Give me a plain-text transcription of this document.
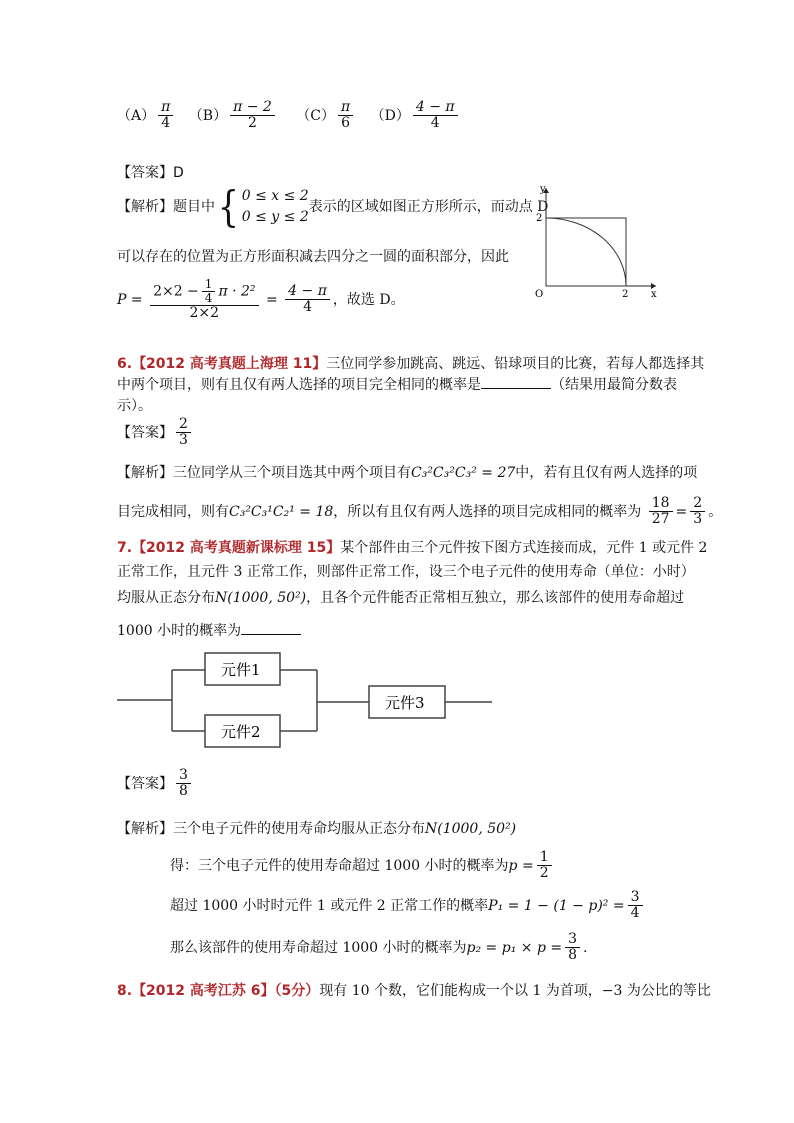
$(A) \frac{\pi}{4} (B) \frac{\pi - 2}{2} (C) \frac{\pi}{6} (D) \frac{4 - \pi}{4}$
【答案】D
【解析】题目中{ 0 ≤ x ≤ 2
0 ≤ y ≤ 2
表示的区域如图正方形所示，而动点 D
可以存在的位置为正方形面积减去四分之一圆的面积部分，因此
$P = \frac{2\times 2 - \frac{1}{4} \pi \cdot 2^2}{2\times 2} = \frac{4 - \pi}{4}$ ，故选 D。
y
x
O
2
2
6.【2012 高考真题上海理 11】三位同学参加跳高、跳远、铅球项目的比赛，若每人都选择其
中两个项目，则有且仅有两人选择的项目完全相同的概率是	（结果用最简分数表
示）。
【答案】 $\frac{2}{3}$
【解析】三位同学从三个项目选其中两个项目有C₃²C₃²C₃² = 27中，若有且仅有两人选择的项
目完成相同，则有C₃²C₃¹C₂¹ = 18，所以有且仅有两人选择的项目完成相同的概率为 $\frac{18}{27} = \frac{2}{3}$ 。
7.【2012 高考真题新课标理 15】某个部件由三个元件按下图方式连接而成，元件 1 或元件 2
正常工作，且元件 3 正常工作，则部件正常工作，设三个电子元件的使用寿命（单位：小时）
均服从正态分布N(1000, 50²)，且各个元件能否正常相互独立，那么该部件的使用寿命超过
1000 小时的概率为
元件1
元件2
元件3
【答案】 $\frac{3}{8}$
【解析】三个电子元件的使用寿命均服从正态分布N(1000, 50²)
得：三个电子元件的使用寿命超过 1000 小时的概率为$p = \frac{1}{2}$
超过 1000 小时时元件 1 或元件 2 正常工作的概率$P_1 = 1 - (1 - p)^2 = \frac{3}{4}$
那么该部件的使用寿命超过 1000 小时的概率为$p_2 = p_1 \times p = \frac{3}{8}$ .
8.【2012 高考江苏 6】（5分）现有 10 个数，它们能构成一个以 1 为首项，−3 为公比的等比
